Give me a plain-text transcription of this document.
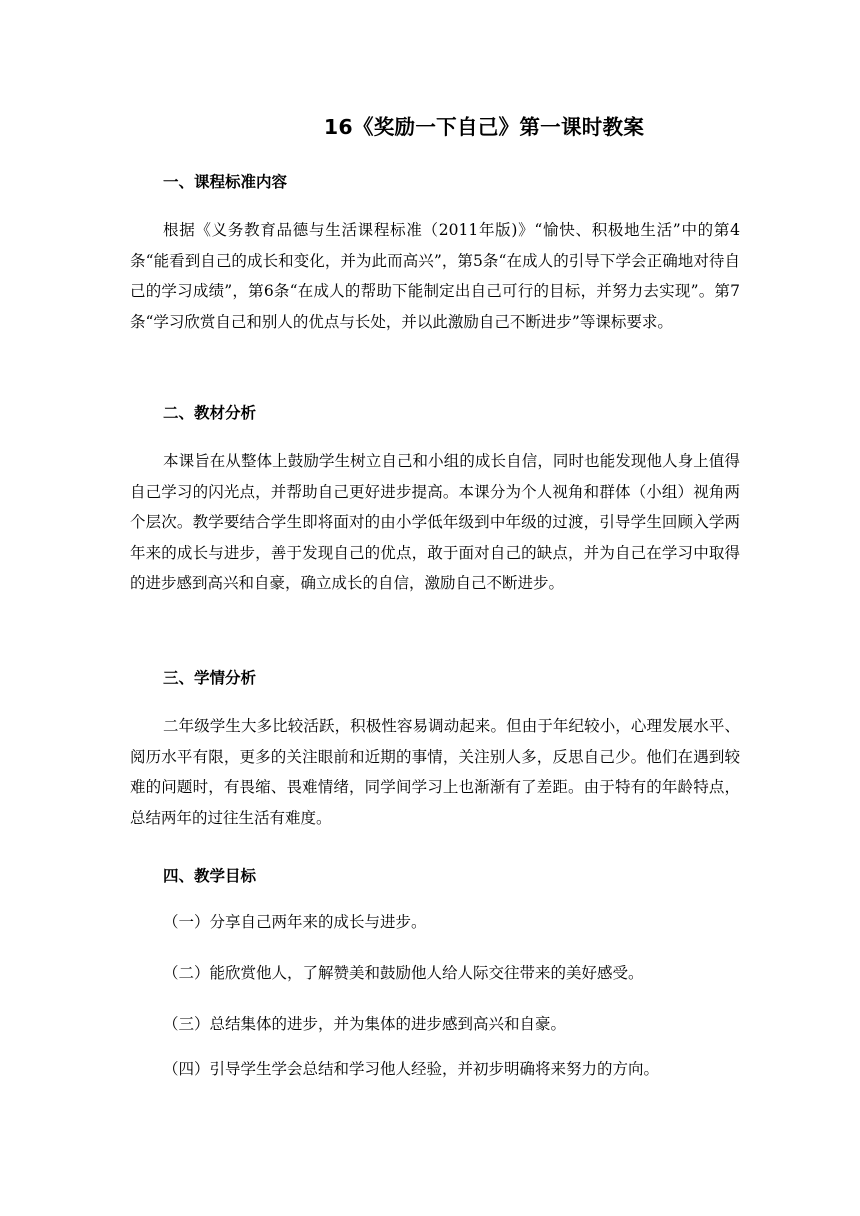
16《奖励一下自己》第一课时教案
一、课程标准内容

根据《义务教育品德与生活课程标准（2011年版)》“愉快、积极地生活”中的第4条“能看到自己的成长和变化，并为此而高兴”，第5条“在成人的引导下学会正确地对待自己的学习成绩”，第6条“在成人的帮助下能制定出自己可行的目标，并努力去实现”。第7条“学习欣赏自己和别人的优点与长处，并以此激励自己不断进步”等课标要求。

二、教材分析

本课旨在从整体上鼓励学生树立自己和小组的成长自信，同时也能发现他人身上值得自己学习的闪光点，并帮助自己更好进步提高。本课分为个人视角和群体（小组）视角两个层次。教学要结合学生即将面对的由小学低年级到中年级的过渡，引导学生回顾入学两年来的成长与进步，善于发现自己的优点，敢于面对自己的缺点，并为自己在学习中取得的进步感到高兴和自豪，确立成长的自信，激励自己不断进步。

三、学情分析

二年级学生大多比较活跃，积极性容易调动起来。但由于年纪较小，心理发展水平、阅历水平有限，更多的关注眼前和近期的事情，关注别人多，反思自己少。他们在遇到较难的问题时，有畏缩、畏难情绪，同学间学习上也渐渐有了差距。由于特有的年龄特点，总结两年的过往生活有难度。

四、教学目标
（一）分享自己两年来的成长与进步。
（二）能欣赏他人，了解赞美和鼓励他人给人际交往带来的美好感受。
（三）总结集体的进步，并为集体的进步感到高兴和自豪。
（四）引导学生学会总结和学习他人经验，并初步明确将来努力的方向。
